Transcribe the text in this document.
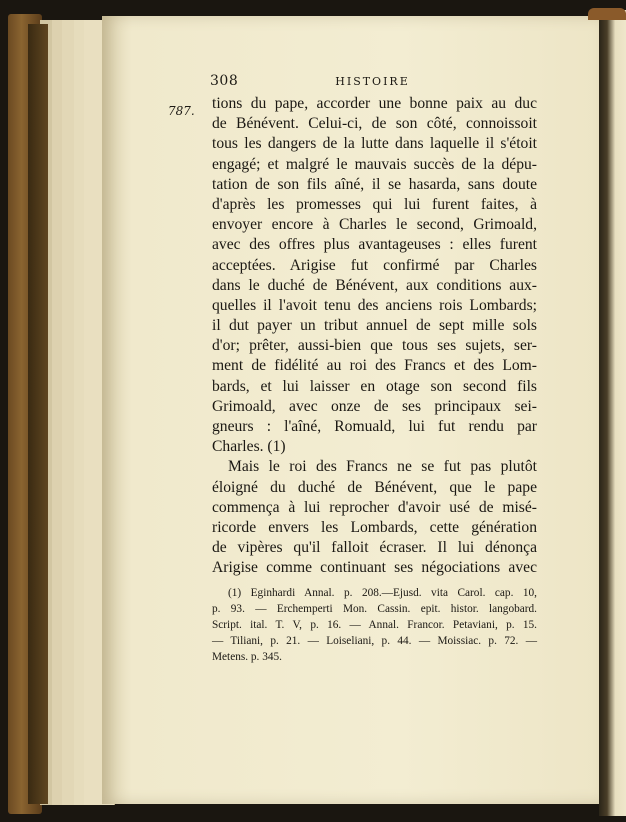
308	HISTOIRE
787. tions du pape, accorder une bonne paix au duc
de Bénévent. Celui-ci, de son côté, connoissoit
tous les dangers de la lutte dans laquelle il s'étoit
engagé; et malgré le mauvais succès de la dépu-
tation de son fils aîné, il se hasarda, sans doute
d'après les promesses qui lui furent faites, à
envoyer encore à Charles le second, Grimoald,
avec des offres plus avantageuses : elles furent
acceptées. Arigise fut confirmé par Charles
dans le duché de Bénévent, aux conditions aux-
quelles il l'avoit tenu des anciens rois Lombards;
il dut payer un tribut annuel de sept mille sols
d'or; prêter, aussi-bien que tous ses sujets, ser-
ment de fidélité au roi des Francs et des Lom-
bards, et lui laisser en otage son second fils
Grimoald, avec onze de ses principaux sei-
gneurs : l'aîné, Romuald, lui fut rendu par
Charles. (1)
Mais le roi des Francs ne se fut pas plutôt
éloigné du duché de Bénévent, que le pape
commença à lui reprocher d'avoir usé de misé-
ricorde envers les Lombards, cette génération
de vipères qu'il falloit écraser. Il lui dénonça
Arigise comme continuant ses négociations avec
(1) Eginhardi Annal. p. 208.—Ejusd. vita Carol. cap. 10,
p. 93. — Erchemperti Mon. Cassin. epit. histor. langobard.
Script. ital. T. V, p. 16. — Annal. Francor. Petaviani, p. 15.
— Tiliani, p. 21. — Loiseliani, p. 44. — Moissiac. p. 72. —
Metens. p. 345.
